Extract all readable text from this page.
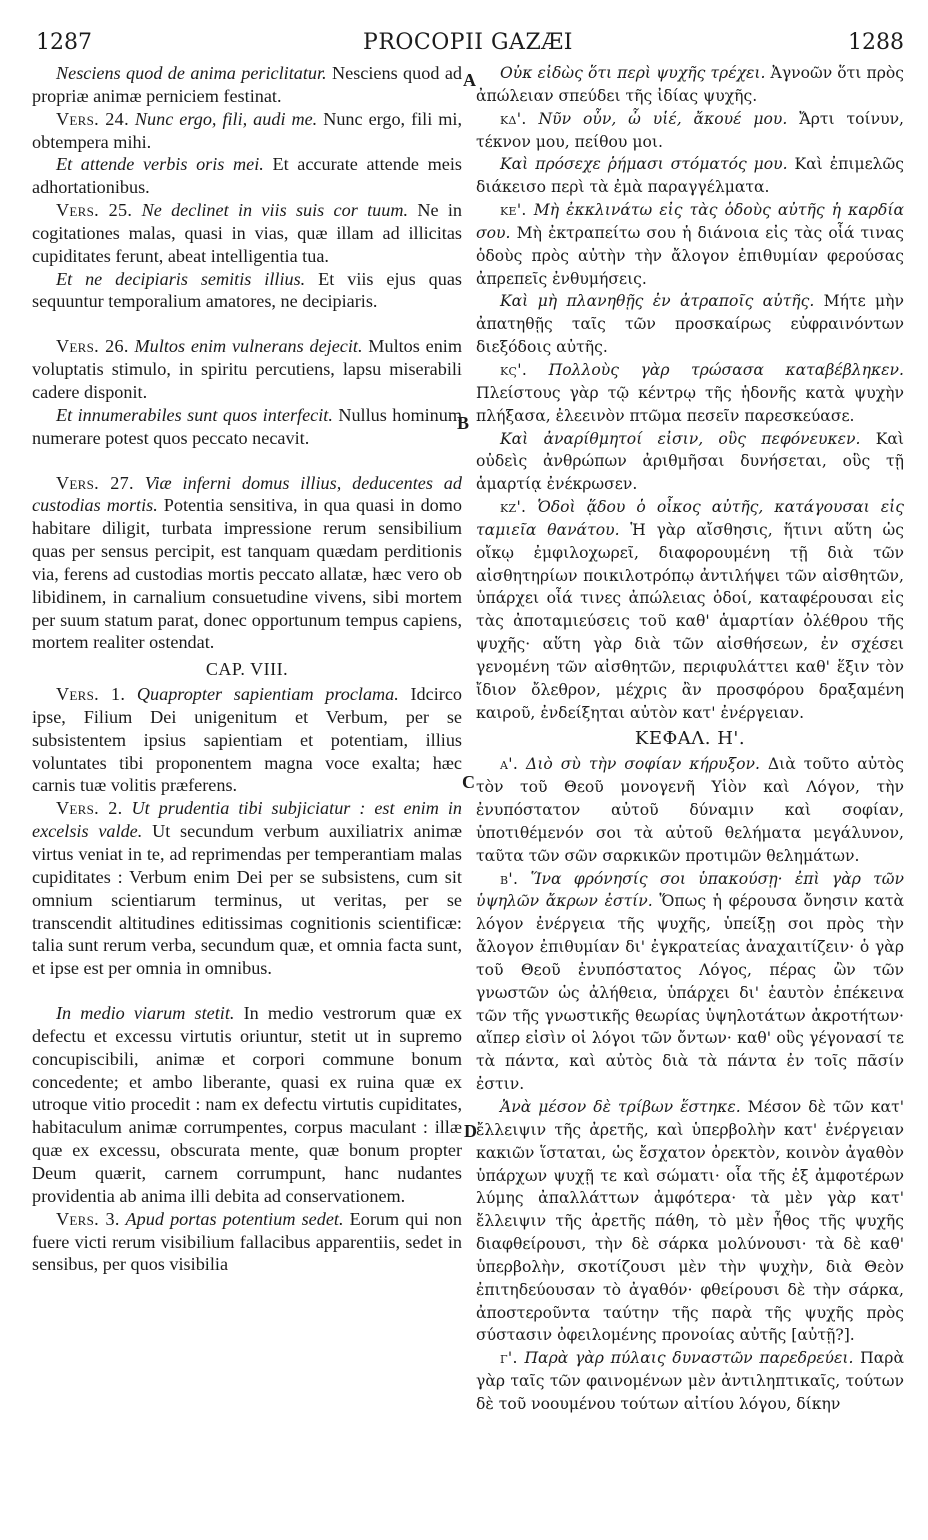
1287	PROCOPII GAZÆI	1288
A
B
C
D

Nesciens quod de anima periclitatur. Nesciens quod ad propriæ animæ perniciem festinat.

Vers. 24. Nunc ergo, fili, audi me. Nunc ergo, fili mi, obtempera mihi.

Et attende verbis oris mei. Et accurate attende meis adhortationibus.

Vers. 25. Ne declinet in viis suis cor tuum. Ne in cogitationes malas, quasi in vias, quæ illam ad illicitas cupiditates ferunt, abeat intelligentia tua.

Et ne decipiaris semitis illius. Et viis ejus quas sequuntur temporalium amatores, ne decipiaris.

Vers. 26. Multos enim vulnerans dejecit. Multos enim voluptatis stimulo, in spiritu percutiens, lapsu miserabili cadere disponit.

Et innumerabiles sunt quos interfecit. Nullus hominum numerare potest quos peccato necavit.

Vers. 27. Viæ inferni domus illius, deducentes ad custodias mortis. Potentia sensitiva, in qua quasi in domo habitare diligit, turbata impressione rerum sensibilium quas per sensus percipit, est tanquam quædam perditionis via, ferens ad custodias mortis peccato allatæ, hæc vero ob libidinem, in carnalium consuetudine vivens, sibi mortem per suum statum parat, donec opportunum tempus capiens, mortem realiter ostendat.

CAP. VIII.

Vers. 1. Quapropter sapientiam proclama. Idcirco ipse, Filium Dei unigenitum et Verbum, per se subsistentem ipsius sapientiam et potentiam, illius voluntates tibi proponentem magna voce exalta; hæc carnis tuæ volitis præferens.

Vers. 2. Ut prudentia tibi subjiciatur : est enim in excelsis valde. Ut secundum verbum auxiliatrix animæ virtus veniat in te, ad reprimendas per temperantiam malas cupiditates : Verbum enim Dei per se subsistens, cum sit omnium scientiarum terminus, ut veritas, per se transcendit altitudines editissimas cognitionis scientificæ: talia sunt rerum verba, secundum quæ, et omnia facta sunt, et ipse est per omnia in omnibus.

In medio viarum stetit. In medio vestrorum quæ ex defectu et excessu virtutis oriuntur, stetit ut in supremo concupiscibili, animæ et corpori commune bonum concedente; et ambo liberante, quasi ex ruina quæ ex utroque vitio procedit : nam ex defectu virtutis cupiditates, habitaculum animæ corrumpentes, corpus maculant : illæ quæ ex excessu, obscurata mente, quæ bonum propter Deum quærit, carnem corrumpunt, hanc nudantes providentia ab anima illi debita ad conservationem.

Vers. 3. Apud portas potentium sedet. Eorum qui non fuere victi rerum visibilium fallacibus apparentiis, sedet in sensibus, per quos visibilia

Οὐκ εἰδὼς ὅτι περὶ ψυχῆς τρέχει. Ἀγνοῶν ὅτι πρὸς ἀπώλειαν σπεύδει τῆς ἰδίας ψυχῆς.

κδ'. Νῦν οὖν, ὦ υἱέ, ἄκουέ μου. Ἄρτι τοίνυν, τέκνον μου, πείθου μοι.

Καὶ πρόσεχε ῥήμασι στόματός μου. Καὶ ἐπιμελῶς διάκεισο περὶ τὰ ἐμὰ παραγγέλματα.

κε'. Μὴ ἐκκλινάτω εἰς τὰς ὁδοὺς αὐτῆς ἡ καρδία σου. Μὴ ἐκτραπείτω σου ἡ διάνοια εἰς τὰς οἷά τινας ὁδοὺς πρὸς αὐτὴν τὴν ἄλογον ἐπιθυμίαν φερούσας ἀπρεπεῖς ἐνθυμήσεις.

Καὶ μὴ πλανηθῇς ἐν ἀτραποῖς αὐτῆς. Μήτε μὴν ἀπατηθῇς ταῖς τῶν προσκαίρως εὐφραινόντων διεξόδοις αὐτῆς.

κϛ'. Πολλοὺς γὰρ τρώσασα καταβέβληκεν. Πλείστους γὰρ τῷ κέντρῳ τῆς ἡδονῆς κατὰ ψυχὴν πλήξασα, ἐλεεινὸν πτῶμα πεσεῖν παρεσκεύασε.

Καὶ ἀναρίθμητοί εἰσιν, οὓς πεφόνευκεν. Καὶ οὐδεὶς ἀνθρώπων ἀριθμῆσαι δυνήσεται, οὓς τῇ ἁμαρτίᾳ ἐνέκρωσεν.

κζ'. Ὁδοὶ ᾅδου ὁ οἶκος αὐτῆς, κατάγουσαι εἰς ταμιεῖα θανάτου. Ἡ γὰρ αἴσθησις, ἥτινι αὕτη ὡς οἴκῳ ἐμφιλοχωρεῖ, διαφορουμένη τῇ διὰ τῶν αἰσθητηρίων ποικιλοτρόπῳ ἀντιλήψει τῶν αἰσθητῶν, ὑπάρχει οἷά τινες ἀπώλειας ὁδοί, καταφέρουσαι εἰς τὰς ἀποταμιεύσεις τοῦ καθ' ἁμαρτίαν ὀλέθρου τῆς ψυχῆς· αὕτη γὰρ διὰ τῶν αἰσθήσεων, ἐν σχέσει γενομένη τῶν αἰσθητῶν, περιφυλάττει καθ' ἕξιν τὸν ἴδιον ὄλεθρον, μέχρις ἂν προσφόρου δραξαμένη καιροῦ, ἐνδείξηται αὐτὸν κατ' ἐνέργειαν.

ΚΕΦΑΛ. Η'.

α'. Διὸ σὺ τὴν σοφίαν κήρυξον. Διὰ τοῦτο αὐτὸς τὸν τοῦ Θεοῦ μονογενῆ Υἱὸν καὶ Λόγον, τὴν ἐνυπόστατον αὐτοῦ δύναμιν καὶ σοφίαν, ὑποτιθέμενόν σοι τὰ αὐτοῦ θελήματα μεγάλυνον, ταῦτα τῶν σῶν σαρκικῶν προτιμῶν θελημάτων.

β'. Ἵνα φρόνησίς σοι ὑπακούσῃ· ἐπὶ γὰρ τῶν ὑψηλῶν ἄκρων ἐστίν. Ὅπως ἡ φέρουσα ὄνησιν κατὰ λόγον ἐνέργεια τῆς ψυχῆς, ὑπείξῃ σοι πρὸς τὴν ἄλογον ἐπιθυμίαν δι' ἐγκρατείας ἀναχαιτίζειν· ὁ γὰρ τοῦ Θεοῦ ἐνυπόστατος Λόγος, πέρας ὢν τῶν γνωστῶν ὡς ἀλήθεια, ὑπάρχει δι' ἑαυτὸν ἐπέκεινα τῶν τῆς γνωστικῆς θεωρίας ὑψηλοτάτων ἀκροτήτων· αἵπερ εἰσὶν οἱ λόγοι τῶν ὄντων· καθ' οὓς γέγονασί τε τὰ πάντα, καὶ αὐτὸς διὰ τὰ πάντα ἐν τοῖς πᾶσίν ἐστιν.

Ἀνὰ μέσον δὲ τρίβων ἕστηκε. Μέσον δὲ τῶν κατ' ἔλλειψιν τῆς ἀρετῆς, καὶ ὑπερβολὴν κατ' ἐνέργειαν κακιῶν ἵσταται, ὡς ἔσχατον ὀρεκτὸν, κοινὸν ἀγαθὸν ὑπάρχων ψυχῇ τε καὶ σώματι· οἷα τῆς ἐξ ἀμφοτέρων λύμης ἀπαλλάττων ἀμφότερα· τὰ μὲν γὰρ κατ' ἔλλειψιν τῆς ἀρετῆς πάθη, τὸ μὲν ἦθος τῆς ψυχῆς διαφθείρουσι, τὴν δὲ σάρκα μολύνουσι· τὰ δὲ καθ' ὑπερβολὴν, σκοτίζουσι μὲν τὴν ψυχὴν, διὰ Θεὸν ἐπιτηδεύουσαν τὸ ἀγαθόν· φθείρουσι δὲ τὴν σάρκα, ἀποστεροῦντα ταύτην τῆς παρὰ τῆς ψυχῆς πρὸς σύστασιν ὀφειλομένης προνοίας αὐτῆς [αὐτῇ?].

γ'. Παρὰ γὰρ πύλαις δυναστῶν παρεδρεύει. Παρὰ γὰρ ταῖς τῶν φαινομένων μὲν ἀντιληπτικαῖς, τούτων δὲ τοῦ νοουμένου τούτων αἰτίου λόγου, δίκην
